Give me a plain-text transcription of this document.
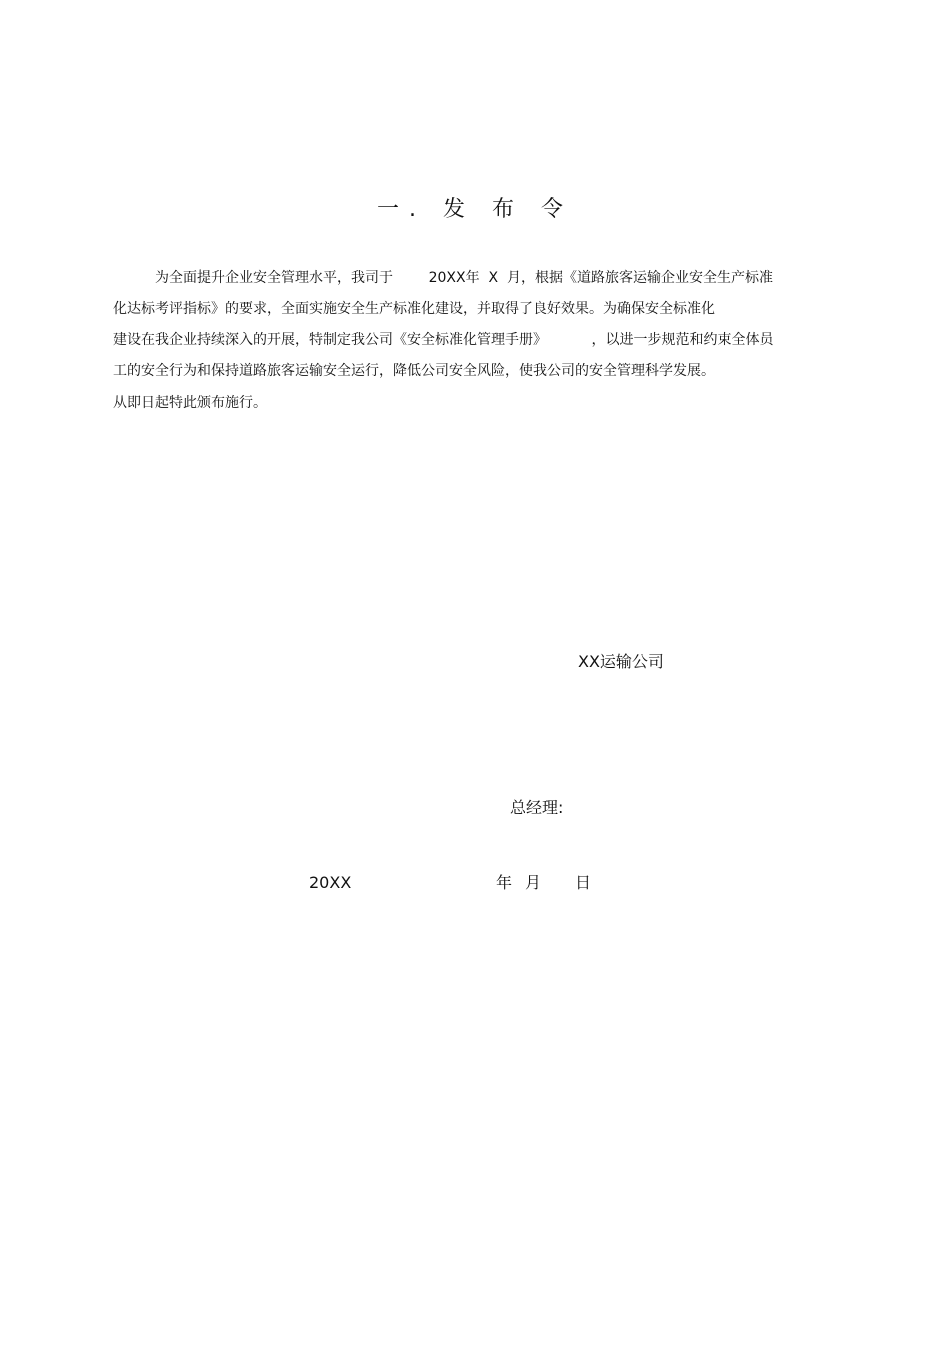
一. 发 布 令
为全面提升企业安全管理水平，我司于        20XX年  X  月，根据《道路旅客运输企业安全生产标准
化达标考评指标》的要求，全面实施安全生产标准化建设，并取得了良好效果。为确保安全标准化
建设在我企业持续深入的开展，特制定我公司《安全标准化管理手册》          ，以进一步规范和约束全体员
工的安全行为和保持道路旅客运输安全运行，降低公司安全风险，使我公司的安全管理科学发展。
从即日起特此颁布施行。
XX运输公司
总经理:
20XX	年 月 日
